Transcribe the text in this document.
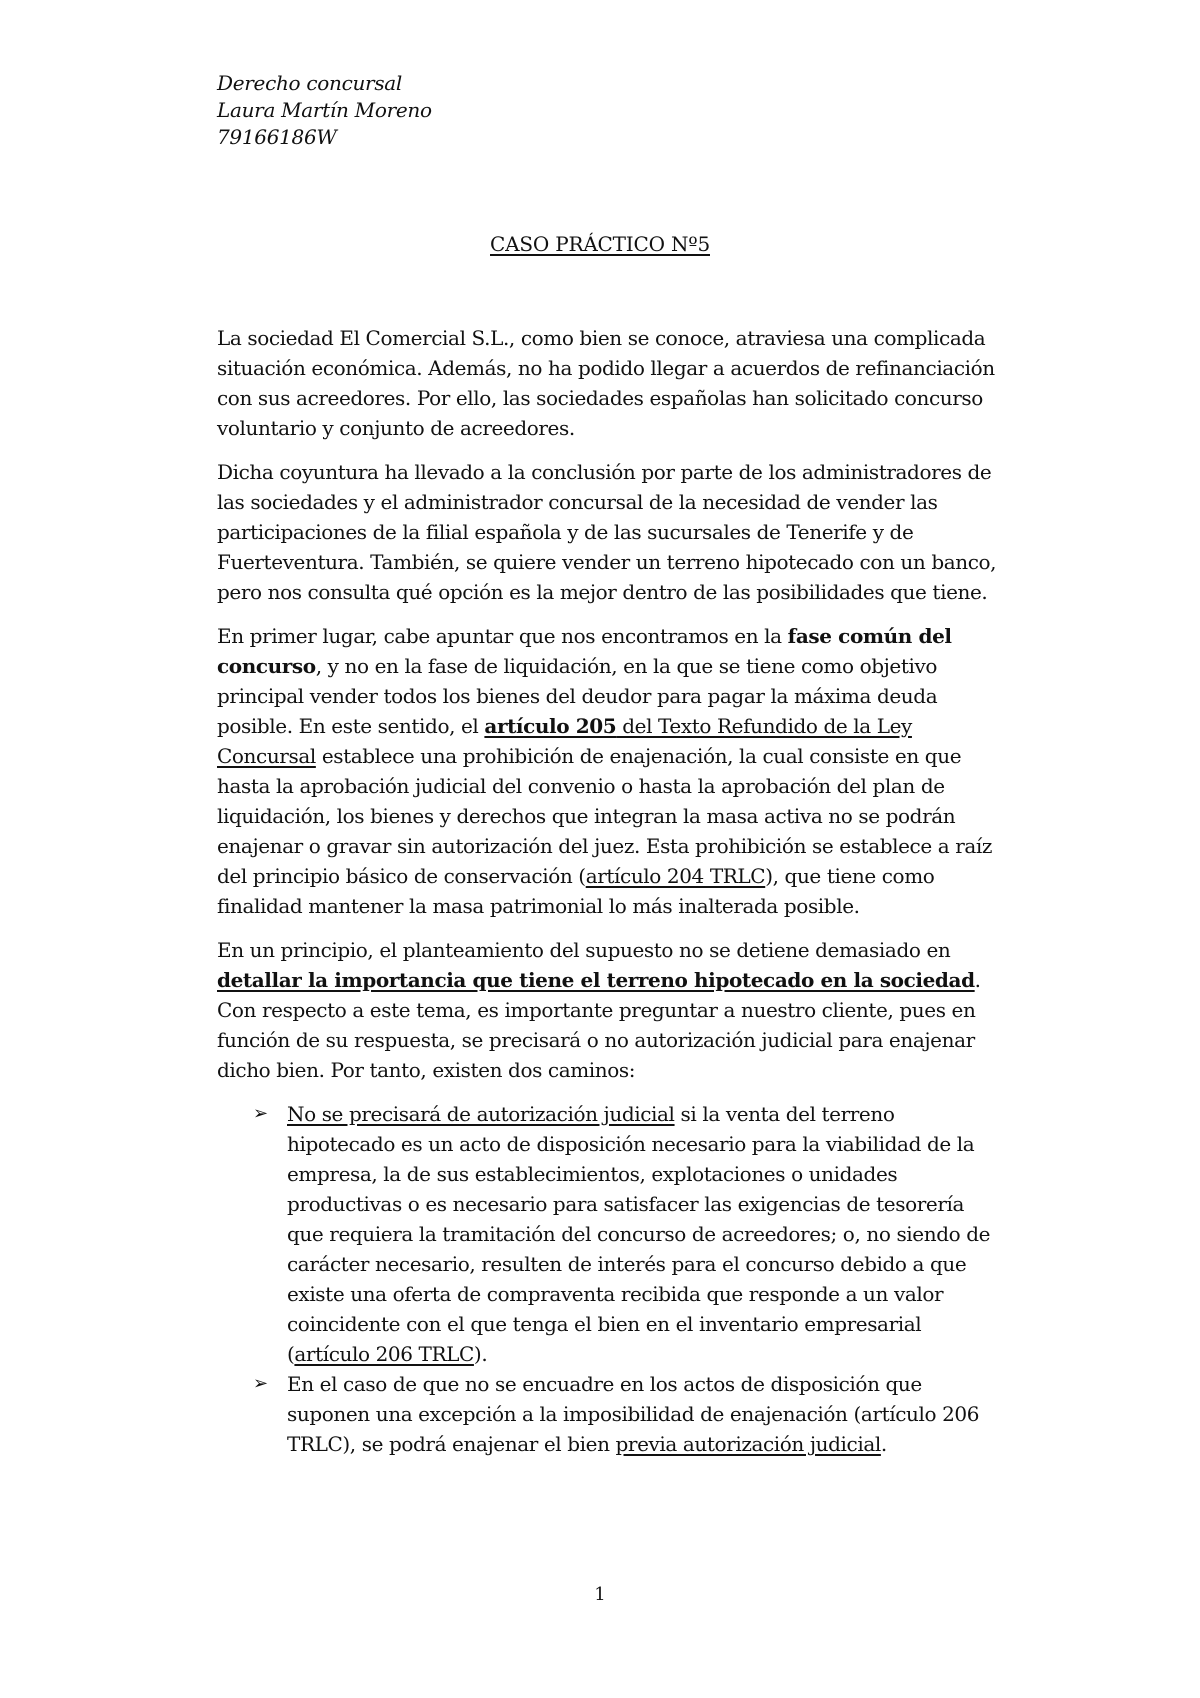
Derecho concursal
Laura Martín Moreno
79166186W
CASO PRÁCTICO Nº5

La sociedad El Comercial S.L., como bien se conoce, atraviesa una complicada situación económica. Además, no ha podido llegar a acuerdos de refinanciación con sus acreedores. Por ello, las sociedades españolas han solicitado concurso voluntario y conjunto de acreedores.

Dicha coyuntura ha llevado a la conclusión por parte de los administradores de las sociedades y el administrador concursal de la necesidad de vender las participaciones de la filial española y de las sucursales de Tenerife y de Fuerteventura. También, se quiere vender un terreno hipotecado con un banco, pero nos consulta qué opción es la mejor dentro de las posibilidades que tiene.

En primer lugar, cabe apuntar que nos encontramos en la fase común del concurso, y no en la fase de liquidación, en la que se tiene como objetivo principal vender todos los bienes del deudor para pagar la máxima deuda posible. En este sentido, el artículo 205 del Texto Refundido de la Ley Concursal establece una prohibición de enajenación, la cual consiste en que hasta la aprobación judicial del convenio o hasta la aprobación del plan de liquidación, los bienes y derechos que integran la masa activa no se podrán enajenar o gravar sin autorización del juez. Esta prohibición se establece a raíz del principio básico de conservación (artículo 204 TRLC), que tiene como finalidad mantener la masa patrimonial lo más inalterada posible.

En un principio, el planteamiento del supuesto no se detiene demasiado en detallar la importancia que tiene el terreno hipotecado en la sociedad. Con respecto a este tema, es importante preguntar a nuestro cliente, pues en función de su respuesta, se precisará o no autorización judicial para enajenar dicho bien. Por tanto, existen dos caminos:

➢ No se precisará de autorización judicial si la venta del terreno hipotecado es un acto de disposición necesario para la viabilidad de la empresa, la de sus establecimientos, explotaciones o unidades productivas o es necesario para satisfacer las exigencias de tesorería que requiera la tramitación del concurso de acreedores; o, no siendo de carácter necesario, resulten de interés para el concurso debido a que existe una oferta de compraventa recibida que responde a un valor coincidente con el que tenga el bien en el inventario empresarial (artículo 206 TRLC).
➢ En el caso de que no se encuadre en los actos de disposición que suponen una excepción a la imposibilidad de enajenación (artículo 206 TRLC), se podrá enajenar el bien previa autorización judicial.
1
